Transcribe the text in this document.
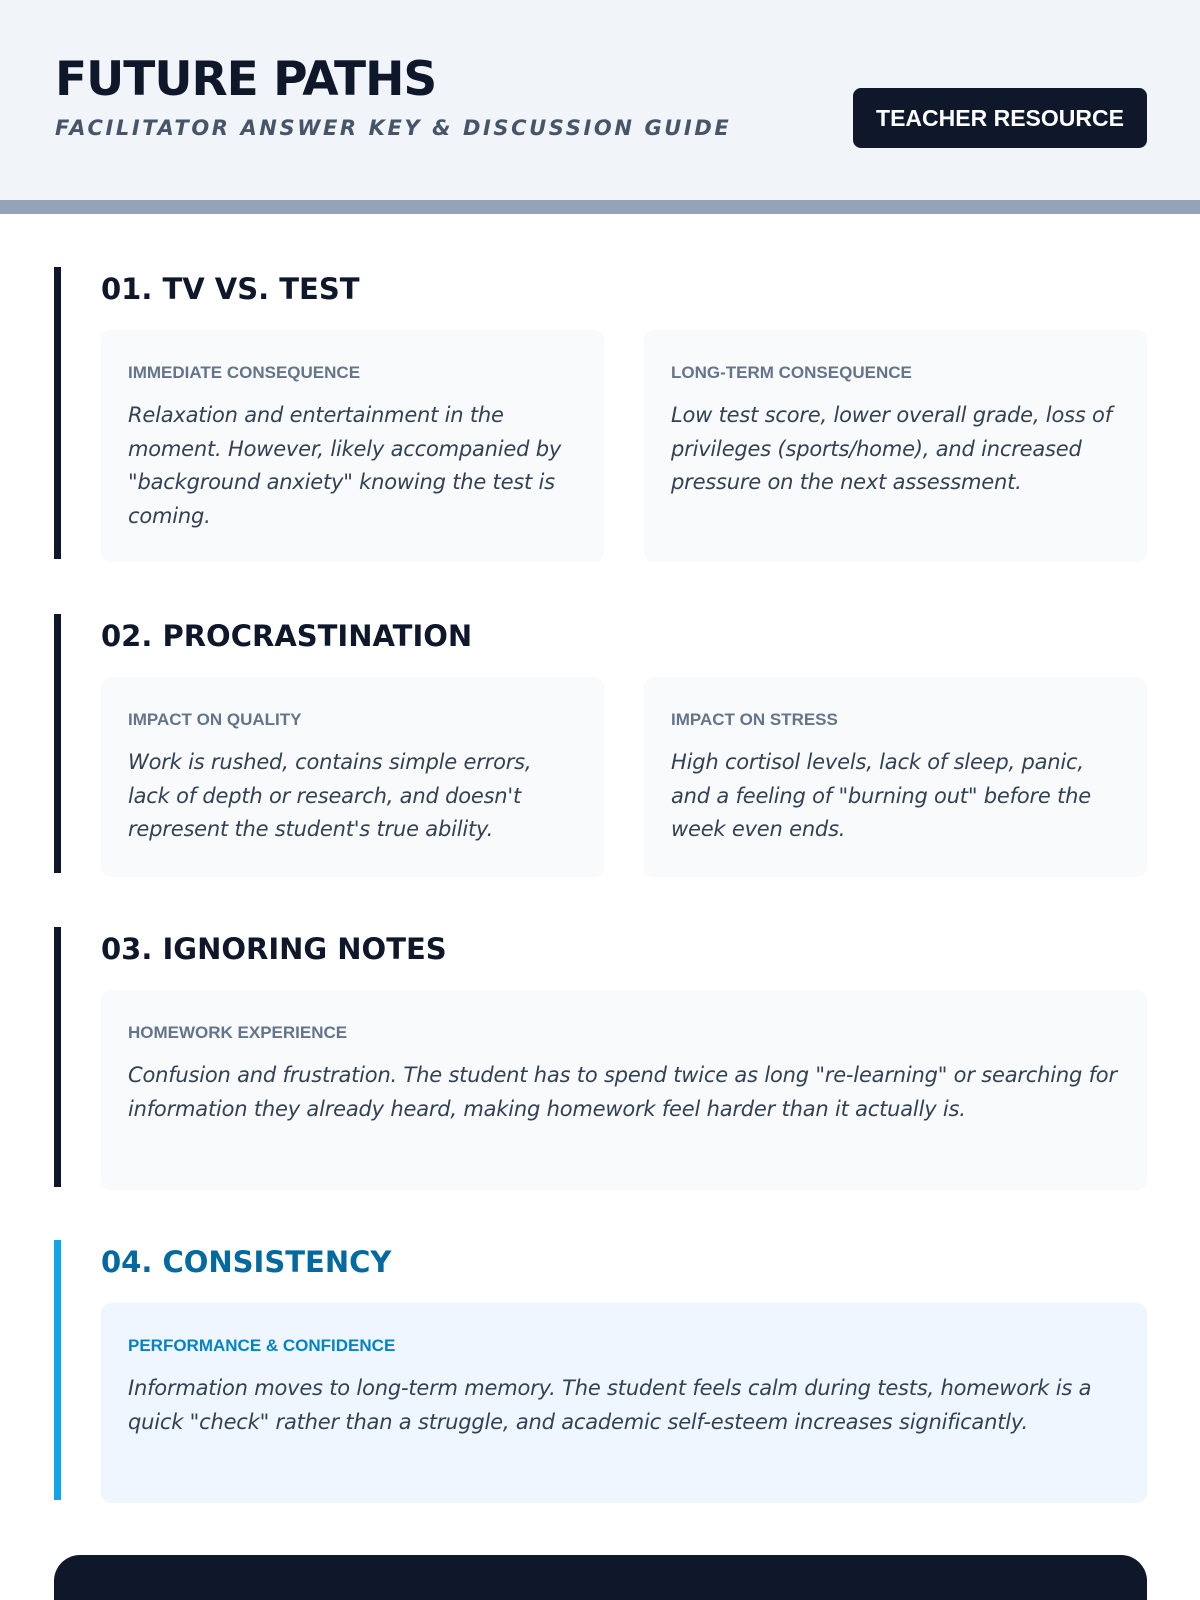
FUTURE PATHS
FACILITATOR ANSWER KEY & DISCUSSION GUIDE	TEACHER RESOURCE
01. TV VS. TEST
IMMEDIATE CONSEQUENCE
Relaxation and entertainment in the moment. However, likely accompanied by "background anxiety" knowing the test is coming.
LONG-TERM CONSEQUENCE
Low test score, lower overall grade, loss of privileges (sports/home), and increased pressure on the next assessment.
02. PROCRASTINATION
IMPACT ON QUALITY
Work is rushed, contains simple errors, lack of depth or research, and doesn't represent the student's true ability.
IMPACT ON STRESS
High cortisol levels, lack of sleep, panic, and a feeling of "burning out" before the week even ends.
03. IGNORING NOTES
HOMEWORK EXPERIENCE
Confusion and frustration. The student has to spend twice as long "re-learning" or searching for information they already heard, making homework feel harder than it actually is.
04. CONSISTENCY
PERFORMANCE & CONFIDENCE
Information moves to long-term memory. The student feels calm during tests, homework is a quick "check" rather than a struggle, and academic self-esteem increases significantly.
